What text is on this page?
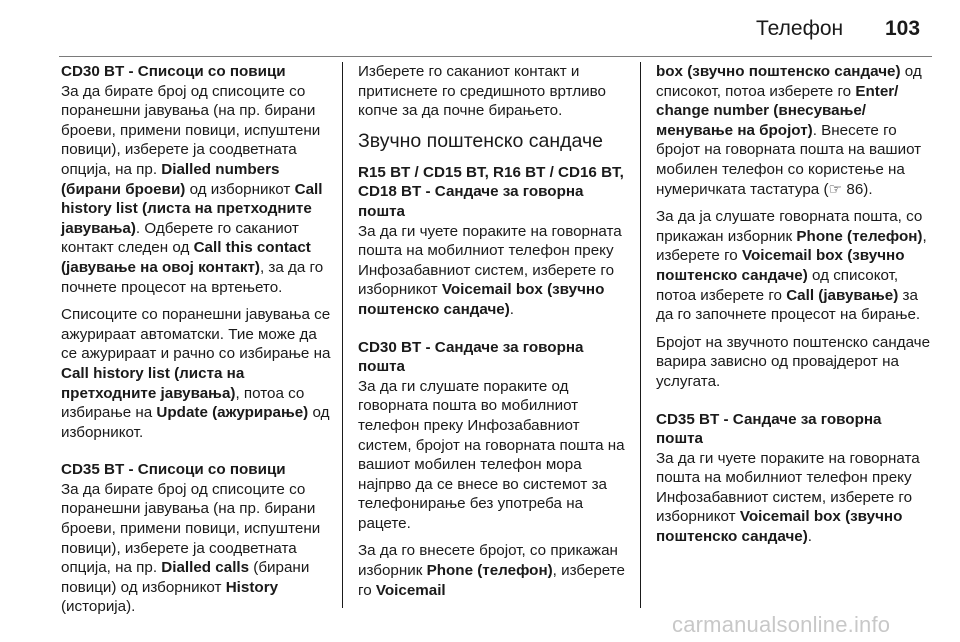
Телефон 103

CD30 BT - Списоци со повици

За да бирате број од списоците со поранешни јавувања (на пр. бирани броеви, примени повици, испуштени повици), изберете ја соодветната опција, на пр. Dialled numbers (бирани броеви) од изборникот Call history list (листа на претходните јавувања). Одберете го саканиот контакт следен од Call this contact (јавување на овој контакт), за да го почнете процесот на вртењето.

Списоците со поранешни јавувања се ажурираат автоматски. Тие може да се ажурираат и рачно со избирање на Call history list (листа на претходните јавувања), потоа со избирање на Update (ажурирање) од изборникот.

CD35 BT - Списоци со повици

За да бирате број од списоците со поранешни јавувања (на пр. бирани броеви, примени повици, испуштени повици), изберете ја соодветната опција, на пр. Dialled calls (бирани повици) од изборникот History (историја).

Изберете го саканиот контакт и притиснете го средишното вртливо копче за да почне бирањето.

Звучно поштенско сандаче

R15 BT / CD15 BT, R16 BT / CD16 BT, CD18 BT - Сандаче за говорна пошта

За да ги чуете пораките на говорната пошта на мобилниот телефон преку Инфозабавниот систем, изберете го изборникот Voicemail box (звучно поштенско сандаче).

CD30 BT - Сандаче за говорна пошта

За да ги слушате пораките од говорната пошта во мобилниот телефон преку Инфозабавниот систем, бројот на говорната пошта на вашиот мобилен телефон мора најпрво да се внесе во системот за телефонирање без употреба на рацете.

За да го внесете бројот, со прикажан изборник Phone (телефон), изберете го Voicemail

box (звучно поштенско сандаче) од списокот, потоа изберете го Enter/ change number (внесување/ менување на бројот). Внесете го бројот на говорната пошта на вашиот мобилен телефон со користење на нумеричката тастатура (☞ 86).

За да ја слушате говорната пошта, со прикажан изборник Phone (телефон), изберете го Voicemail box (звучно поштенско сандаче) од списокот, потоа изберете го Call (јавување) за да го започнете процесот на бирање.

Бројот на звучното поштенско сандаче варира зависно од провајдерот на услугата.

CD35 BT - Сандаче за говорна пошта

За да ги чуете пораките на говорната пошта на мобилниот телефон преку Инфозабавниот систем, изберете го изборникот Voicemail box (звучно поштенско сандаче).

carmanualsonline.info
